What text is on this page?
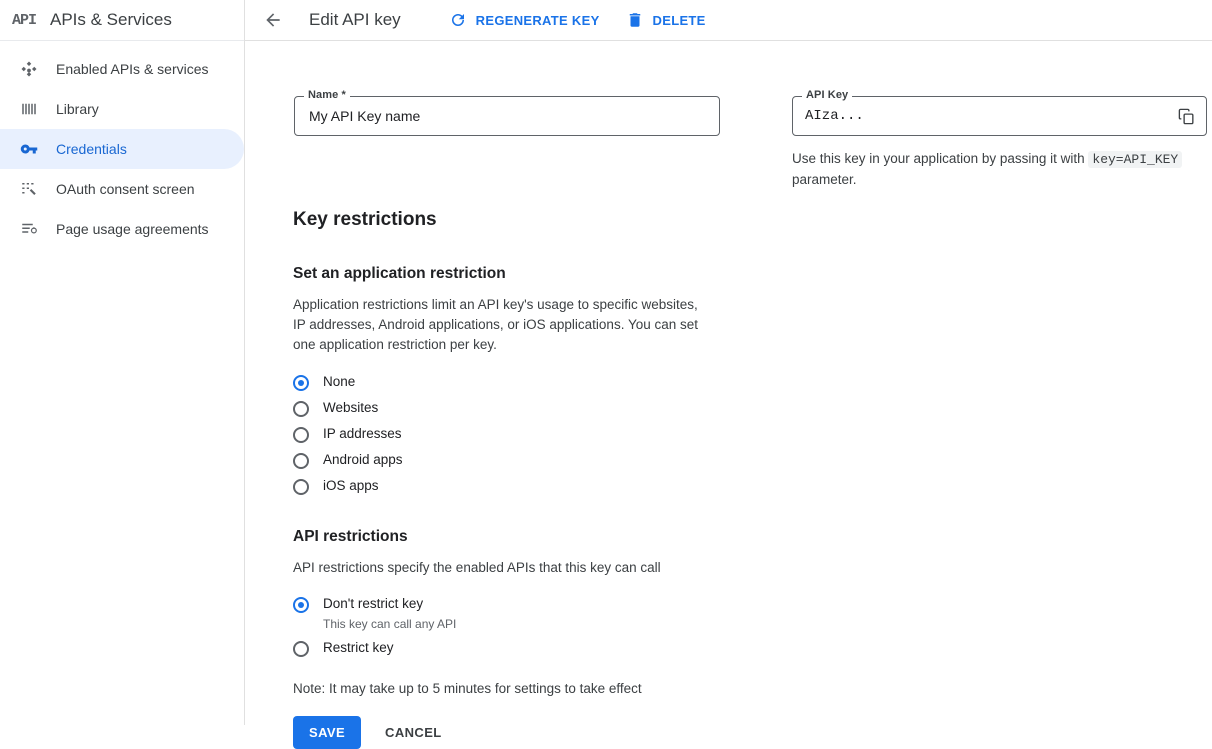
API APIs & Services
Enabled APIs & services
Library
Credentials
OAuth consent screen
Page usage agreements
Edit API key	REGENERATE KEY	DELETE
Name *
My API Key name	API Key
AIza...
Use this key in your application by passing it with key=API_KEY parameter.
Key restrictions
Set an application restriction
Application restrictions limit an API key's usage to specific websites, IP addresses, Android applications, or iOS applications. You can set one application restriction per key.
None
Websites
IP addresses
Android apps
iOS apps
API restrictions
API restrictions specify the enabled APIs that this key can call
Don't restrict key
This key can call any API
Restrict key
Note: It may take up to 5 minutes for settings to take effect
SAVE	CANCEL
